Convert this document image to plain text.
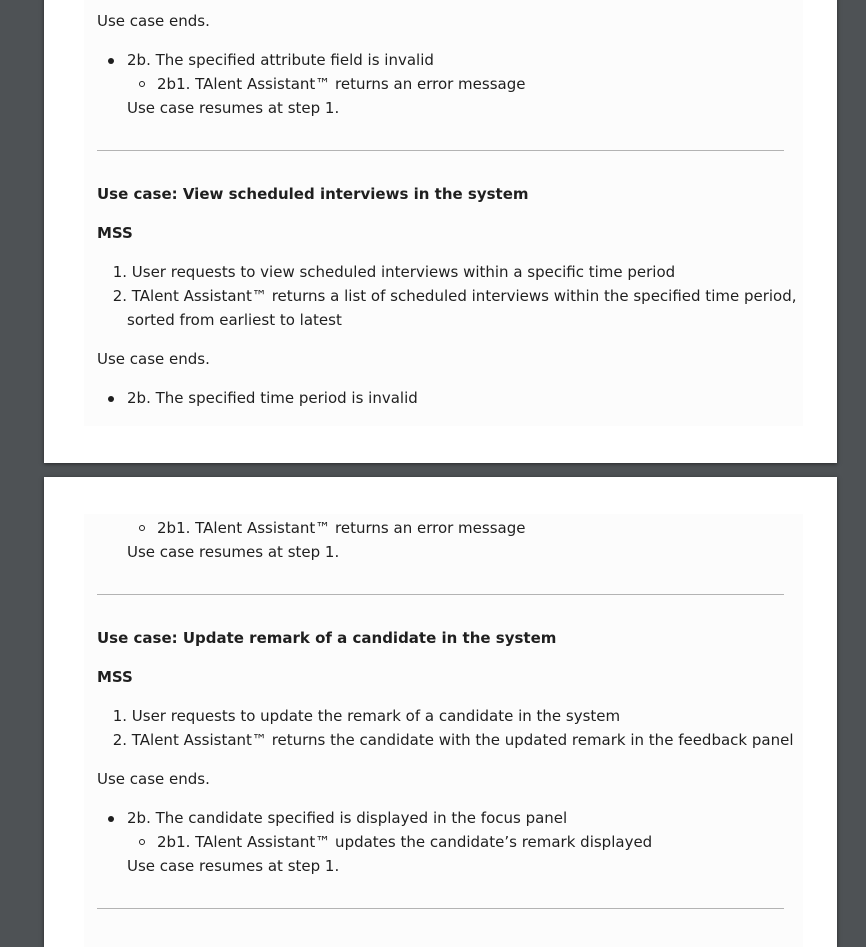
Use case ends.
2b. The specified attribute field is invalid
2b1. TAlent Assistant™ returns an error message
Use case resumes at step 1.
Use case: View scheduled interviews in the system
MSS
1. User requests to view scheduled interviews within a specific time period
2. TAlent Assistant™ returns a list of scheduled interviews within the specified time period,
sorted from earliest to latest
Use case ends.
2b. The specified time period is invalid
2b1. TAlent Assistant™ returns an error message
Use case resumes at step 1.
Use case: Update remark of a candidate in the system
MSS
1. User requests to update the remark of a candidate in the system
2. TAlent Assistant™ returns the candidate with the updated remark in the feedback panel
Use case ends.
2b. The candidate specified is displayed in the focus panel
2b1. TAlent Assistant™ updates the candidate’s remark displayed
Use case resumes at step 1.
